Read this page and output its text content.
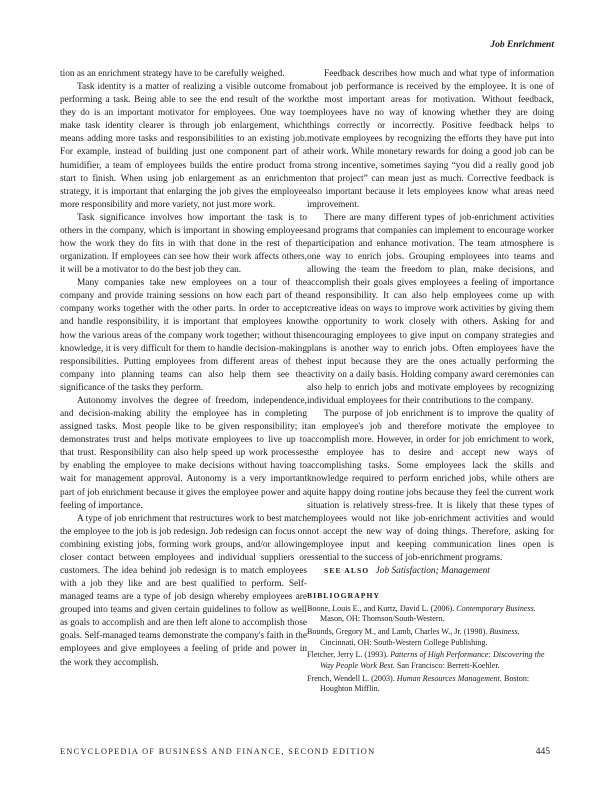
Job Enrichment

tion as an enrichment strategy have to be carefully weighed.

Task identity is a matter of realizing a visible outcome from performing a task. Being able to see the end result of the work they do is an important motivator for employees. One way to make task identity clearer is through job enlargement, which means adding more tasks and responsibilities to an existing job. For example, instead of building just one component part of a humidifier, a team of employees builds the entire product from start to finish. When using job enlargement as an enrichment strategy, it is important that enlarging the job gives the employee more responsibility and more variety, not just more work.

Task significance involves how important the task is to others in the company, which is important in showing employees how the work they do fits in with that done in the rest of the organization. If employees can see how their work affects others, it will be a motivator to do the best job they can.

Many companies take new employees on a tour of the company and provide training sessions on how each part of the company works together with the other parts. In order to accept and handle responsibility, it is important that employees know how the various areas of the company work together; without this knowledge, it is very difficult for them to handle decision-making responsibilities. Putting employees from different areas of the company into planning teams can also help them see the significance of the tasks they perform.

Autonomy involves the degree of freedom, independence, and decision-making ability the employee has in completing assigned tasks. Most people like to be given responsibility; it demonstrates trust and helps motivate employees to live up to that trust. Responsibility can also help speed up work processes by enabling the employee to make decisions without having to wait for management approval. Autonomy is a very important part of job enrichment because it gives the employee power and a feeling of importance.

A type of job enrichment that restructures work to best match the employee to the job is job redesign. Job redesign can focus on combining existing jobs, forming work groups, and/or allowing closer contact between employees and individual suppliers or customers. The idea behind job redesign is to match employees with a job they like and are best qualified to perform. Self-managed teams are a type of job design whereby employees are grouped into teams and given certain guidelines to follow as well as goals to accomplish and are then left alone to accomplish those goals. Self-managed teams demonstrate the company's faith in the employees and give employees a feeling of pride and power in the work they accomplish.

Feedback describes how much and what type of information about job performance is received by the employee. It is one of the most important areas for motivation. Without feedback, employees have no way of knowing whether they are doing things correctly or incorrectly. Positive feedback helps to motivate employees by recognizing the efforts they have put into their work. While monetary rewards for doing a good job can be a strong incentive, sometimes saying “you did a really good job on that project” can mean just as much. Corrective feedback is also important because it lets employees know what areas need improvement.

There are many different types of job-enrichment activities and programs that companies can implement to encourage worker participation and enhance motivation. The team atmosphere is one way to enrich jobs. Grouping employees into teams and allowing the team the freedom to plan, make decisions, and accomplish their goals gives employees a feeling of importance and responsibility. It can also help employees come up with creative ideas on ways to improve work activities by giving them the opportunity to work closely with others. Asking for and encouraging employees to give input on company strategies and plans is another way to enrich jobs. Often employees have the best input because they are the ones actually performing the activity on a daily basis. Holding company award ceremonies can also help to enrich jobs and motivate employees by recognizing individual employees for their contributions to the company.

The purpose of job enrichment is to improve the quality of an employee's job and therefore motivate the employee to accomplish more. However, in order for job enrichment to work, the employee has to desire and accept new ways of accomplishing tasks. Some employees lack the skills and knowledge required to perform enriched jobs, while others are quite happy doing routine jobs because they feel the current work situation is relatively stress-free. It is likely that these types of employees would not like job-enrichment activities and would not accept the new way of doing things. Therefore, asking for employee input and keeping communication lines open is essential to the success of job-enrichment programs.

SEE ALSO Job Satisfaction; Management

BIBLIOGRAPHY
Boone, Louis E., and Kurtz, David L. (2006). Contemporary Business. Mason, OH: Thomson/South-Western.
Bounds, Gregory M., and Lamb, Charles W., Jr. (1998). Business. Cincinnati, OH: South-Western College Publishing.
Fletcher, Jerry L. (1993). Patterns of High Performance: Discovering the Way People Work Best. San Francisco: Berrett-Koehler.
French, Wendell L. (2003). Human Resources Management. Boston: Houghton Mifflin.
ENCYCLOPEDIA OF BUSINESS AND FINANCE, SECOND EDITION	445
